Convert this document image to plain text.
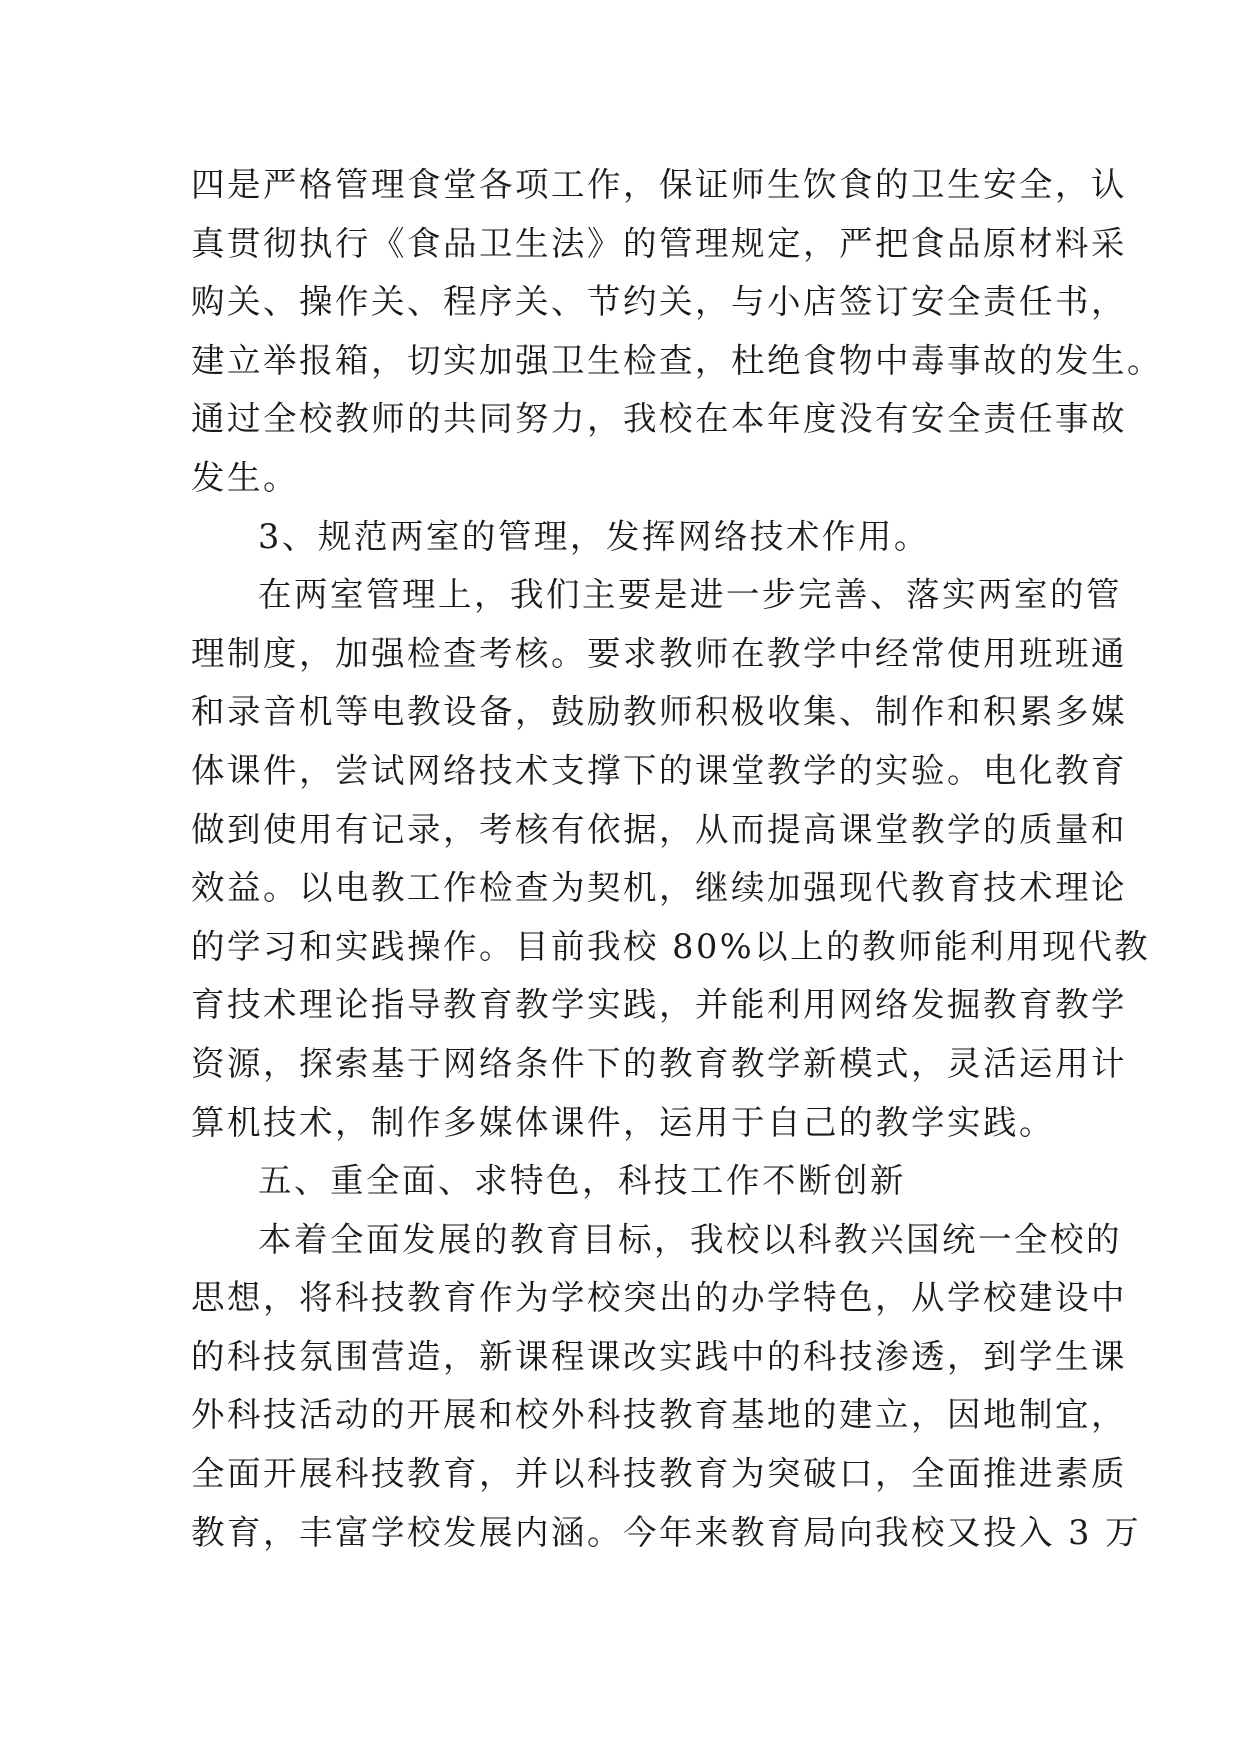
四是严格管理食堂各项工作，保证师生饮食的卫生安全，认
真贯彻执行《食品卫生法》的管理规定，严把食品原材料采
购关、操作关、程序关、节约关，与小店签订安全责任书，
建立举报箱，切实加强卫生检查，杜绝食物中毒事故的发生。
通过全校教师的共同努力，我校在本年度没有安全责任事故
发生。
3、规范两室的管理，发挥网络技术作用。
在两室管理上，我们主要是进一步完善、落实两室的管
理制度，加强检查考核。要求教师在教学中经常使用班班通
和录音机等电教设备，鼓励教师积极收集、制作和积累多媒
体课件，尝试网络技术支撑下的课堂教学的实验。电化教育
做到使用有记录，考核有依据，从而提高课堂教学的质量和
效益。以电教工作检查为契机，继续加强现代教育技术理论
的学习和实践操作。目前我校 80%以上的教师能利用现代教
育技术理论指导教育教学实践，并能利用网络发掘教育教学
资源，探索基于网络条件下的教育教学新模式，灵活运用计
算机技术，制作多媒体课件，运用于自己的教学实践。
五、重全面、求特色，科技工作不断创新
本着全面发展的教育目标，我校以科教兴国统一全校的
思想，将科技教育作为学校突出的办学特色，从学校建设中
的科技氛围营造，新课程课改实践中的科技渗透，到学生课
外科技活动的开展和校外科技教育基地的建立，因地制宜，
全面开展科技教育，并以科技教育为突破口，全面推进素质
教育，丰富学校发展内涵。今年来教育局向我校又投入 3 万
